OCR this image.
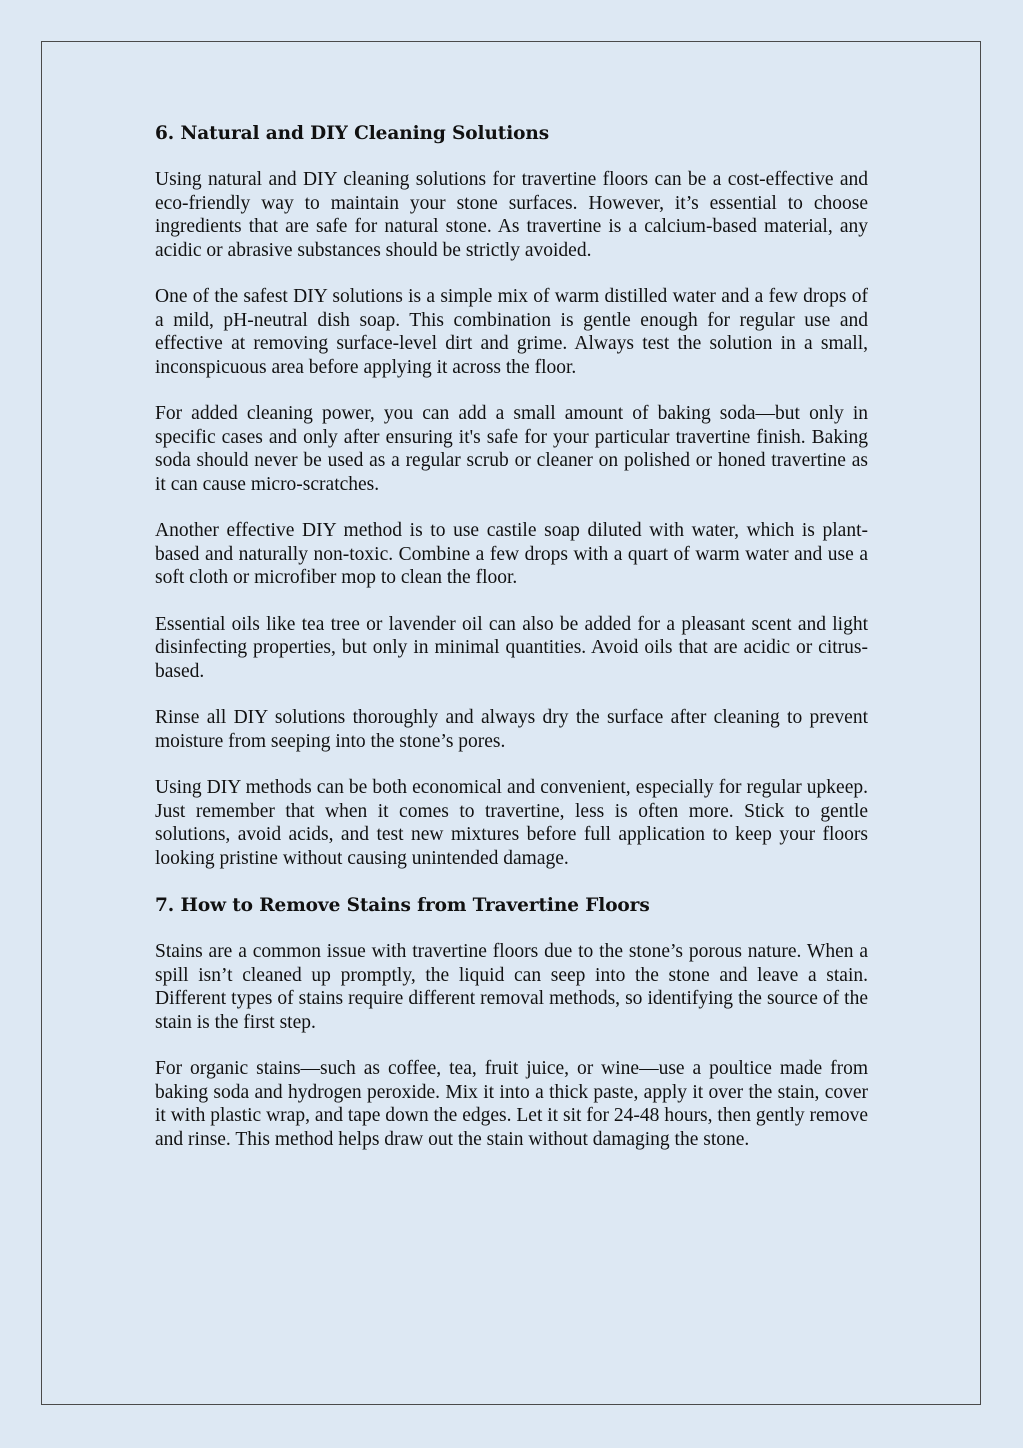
6. Natural and DIY Cleaning Solutions

Using natural and DIY cleaning solutions for travertine floors can be a cost-effective and eco-friendly way to maintain your stone surfaces. However, it’s essential to choose ingredients that are safe for natural stone. As travertine is a calcium-based material, any acidic or abrasive substances should be strictly avoided.

One of the safest DIY solutions is a simple mix of warm distilled water and a few drops of a mild, pH-neutral dish soap. This combination is gentle enough for regular use and effective at removing surface-level dirt and grime. Always test the solution in a small, inconspicuous area before applying it across the floor.

For added cleaning power, you can add a small amount of baking soda—but only in specific cases and only after ensuring it's safe for your particular travertine finish. Baking soda should never be used as a regular scrub or cleaner on polished or honed travertine as it can cause micro-scratches.

Another effective DIY method is to use castile soap diluted with water, which is plant-based and naturally non-toxic. Combine a few drops with a quart of warm water and use a soft cloth or microfiber mop to clean the floor.

Essential oils like tea tree or lavender oil can also be added for a pleasant scent and light disinfecting properties, but only in minimal quantities. Avoid oils that are acidic or citrus-based.

Rinse all DIY solutions thoroughly and always dry the surface after cleaning to prevent moisture from seeping into the stone’s pores.

Using DIY methods can be both economical and convenient, especially for regular upkeep. Just remember that when it comes to travertine, less is often more. Stick to gentle solutions, avoid acids, and test new mixtures before full application to keep your floors looking pristine without causing unintended damage.

7. How to Remove Stains from Travertine Floors

Stains are a common issue with travertine floors due to the stone’s porous nature. When a spill isn’t cleaned up promptly, the liquid can seep into the stone and leave a stain. Different types of stains require different removal methods, so identifying the source of the stain is the first step.

For organic stains—such as coffee, tea, fruit juice, or wine—use a poultice made from baking soda and hydrogen peroxide. Mix it into a thick paste, apply it over the stain, cover it with plastic wrap, and tape down the edges. Let it sit for 24-48 hours, then gently remove and rinse. This method helps draw out the stain without damaging the stone.
